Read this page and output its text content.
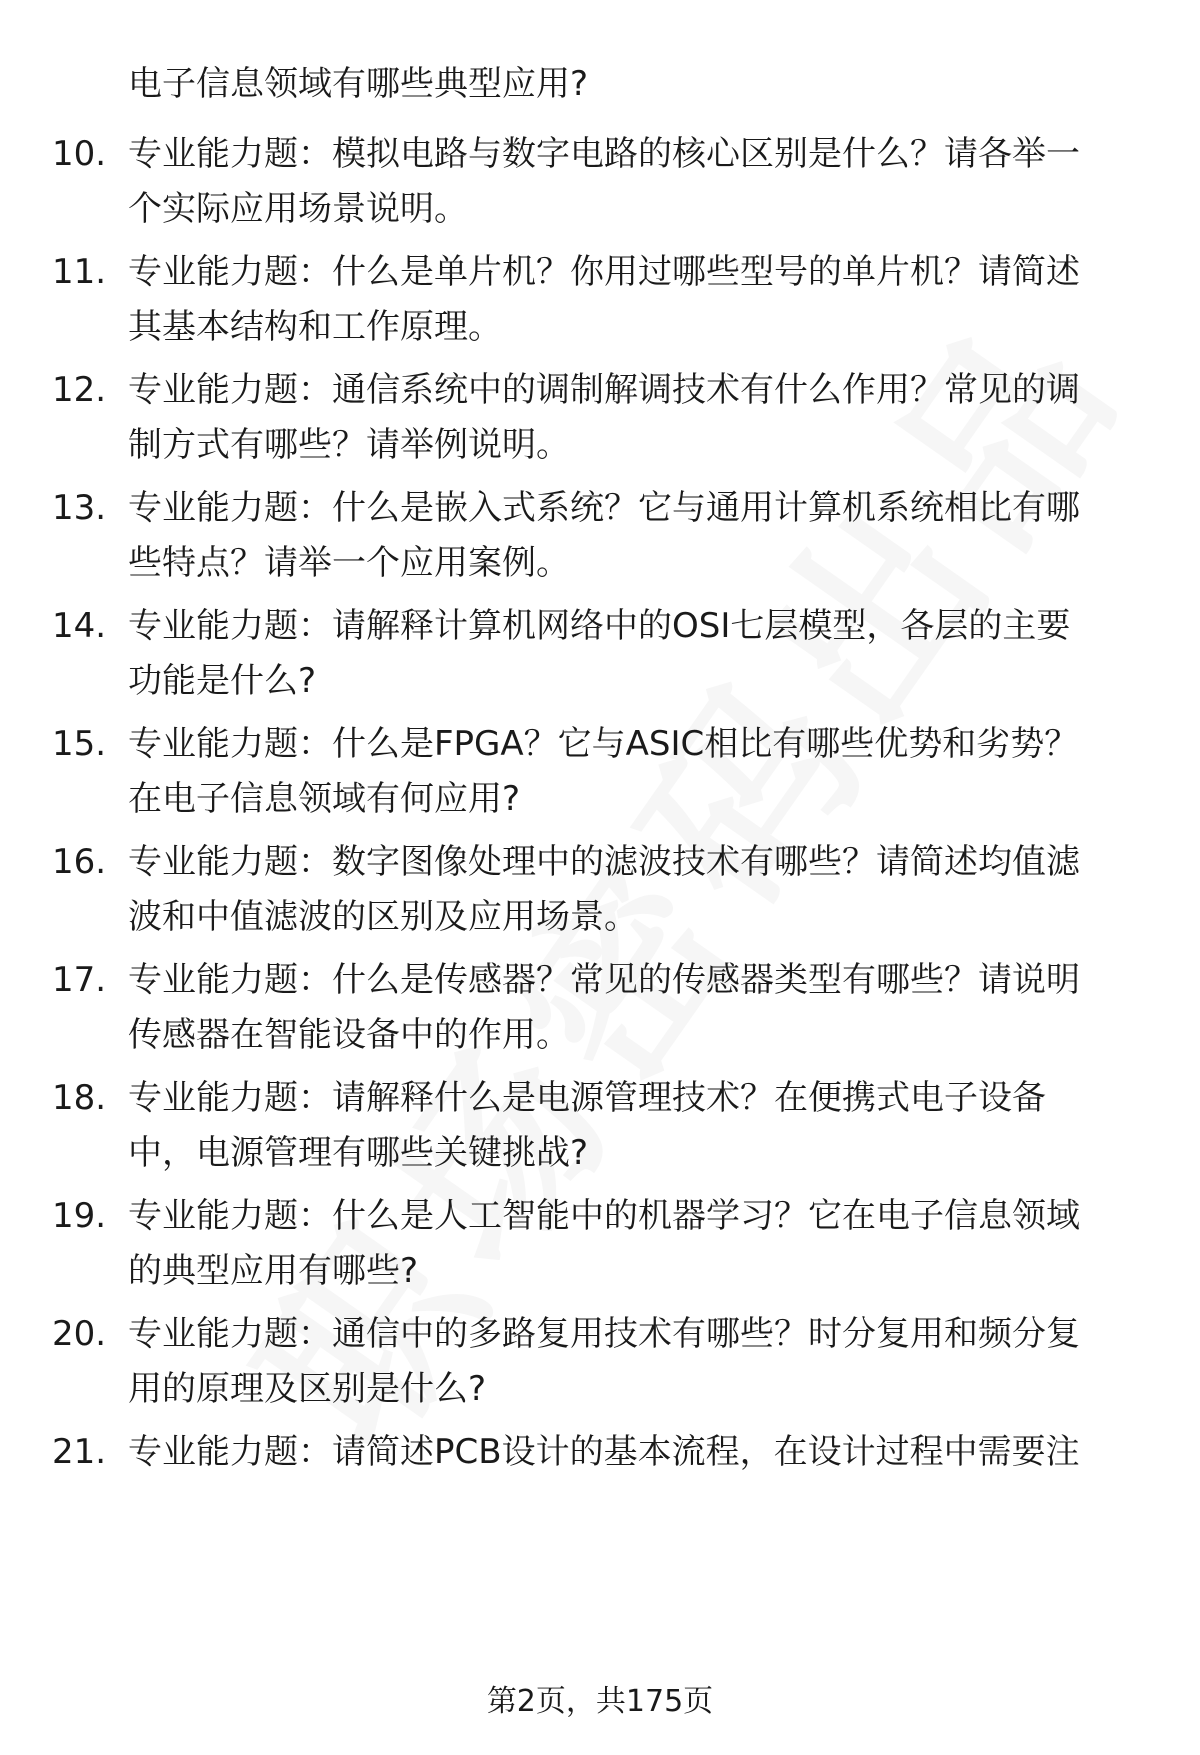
电子信息领域有哪些典型应用?
10. 专业能力题：模拟电路与数字电路的核心区别是什么？请各举一
个实际应用场景说明。
11. 专业能力题：什么是单片机？你用过哪些型号的单片机？请简述
其基本结构和工作原理。
12. 专业能力题：通信系统中的调制解调技术有什么作用？常见的调
制方式有哪些？请举例说明。
13. 专业能力题：什么是嵌入式系统？它与通用计算机系统相比有哪
些特点？请举一个应用案例。
14. 专业能力题：请解释计算机网络中的OSI七层模型，各层的主要
功能是什么?
15. 专业能力题：什么是FPGA？它与ASIC相比有哪些优势和劣势？
在电子信息领域有何应用?
16. 专业能力题：数字图像处理中的滤波技术有哪些？请简述均值滤
波和中值滤波的区别及应用场景。
17. 专业能力题：什么是传感器？常见的传感器类型有哪些？请说明
传感器在智能设备中的作用。
18. 专业能力题：请解释什么是电源管理技术？在便携式电子设备
中，电源管理有哪些关键挑战?
19. 专业能力题：什么是人工智能中的机器学习？它在电子信息领域
的典型应用有哪些?
20. 专业能力题：通信中的多路复用技术有哪些？时分复用和频分复
用的原理及区别是什么?
21. 专业能力题：请简述PCB设计的基本流程，在设计过程中需要注
第2页，共175页
